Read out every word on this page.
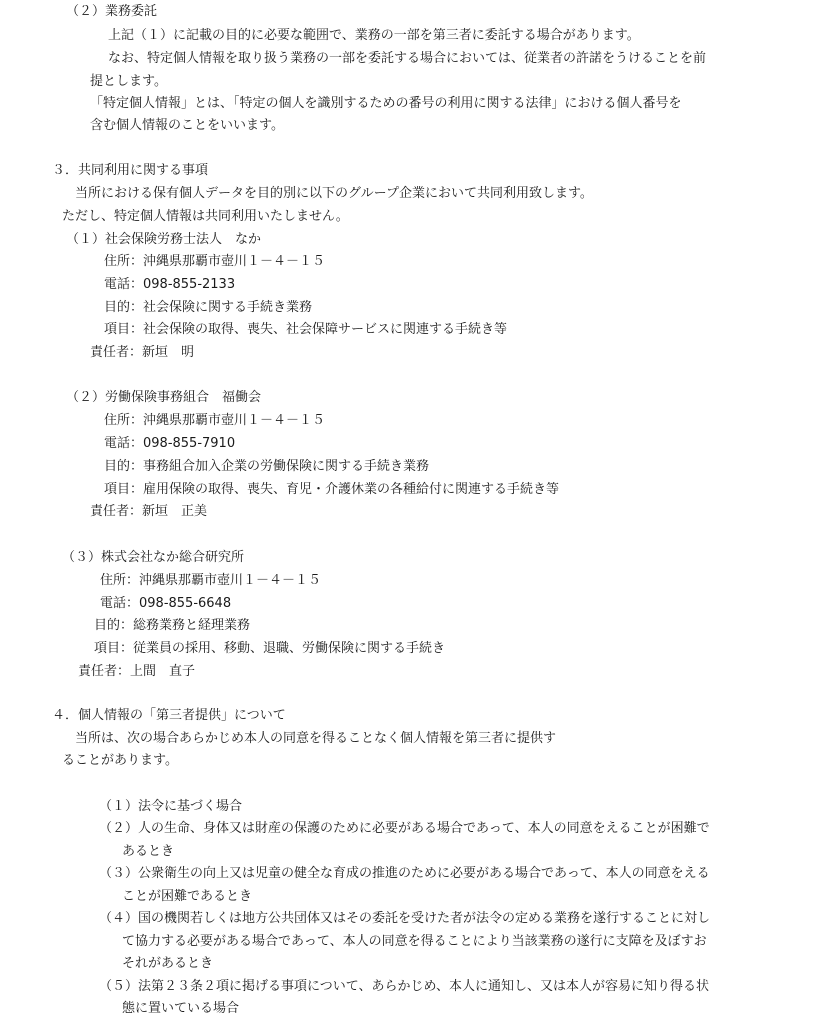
（２）業務委託
上記（１）に記載の目的に必要な範囲で、業務の一部を第三者に委託する場合があります。
なお、特定個人情報を取り扱う業務の一部を委託する場合においては、従業者の許諾をうけることを前
提とします。
「特定個人情報」とは、「特定の個人を識別するための番号の利用に関する法律」における個人番号を
含む個人情報のことをいいます。
３．共同利用に関する事項
当所における保有個人データを目的別に以下のグループ企業において共同利用致します。
ただし、特定個人情報は共同利用いたしません。
（１）社会保険労務士法人　なか
住所：沖縄県那覇市壺川１－４－１５
電話：098-855-2133
目的：社会保険に関する手続き業務
項目：社会保険の取得、喪失、社会保障サービスに関連する手続き等
責任者：新垣　明
（２）労働保険事務組合　福働会
住所：沖縄県那覇市壺川１－４－１５
電話：098-855-7910
目的：事務組合加入企業の労働保険に関する手続き業務
項目：雇用保険の取得、喪失、育児・介護休業の各種給付に関連する手続き等
責任者：新垣　正美
（３）株式会社なか総合研究所
住所：沖縄県那覇市壺川１－４－１５
電話：098-855-6648
目的：総務業務と経理業務
項目：従業員の採用、移動、退職、労働保険に関する手続き
責任者：上間　直子
４．個人情報の「第三者提供」について
当所は、次の場合あらかじめ本人の同意を得ることなく個人情報を第三者に提供す
ることがあります。
（１）法令に基づく場合
（２）人の生命、身体又は財産の保護のために必要がある場合であって、本人の同意をえることが困難で
あるとき
（３）公衆衛生の向上又は児童の健全な育成の推進のために必要がある場合であって、本人の同意をえる
ことが困難であるとき
（４）国の機関若しくは地方公共団体又はその委託を受けた者が法令の定める業務を遂行することに対し
て協力する必要がある場合であって、本人の同意を得ることにより当該業務の遂行に支障を及ぼすお
それがあるとき
（５）法第２３条２項に掲げる事項について、あらかじめ、本人に通知し、又は本人が容易に知り得る状
態に置いている場合
